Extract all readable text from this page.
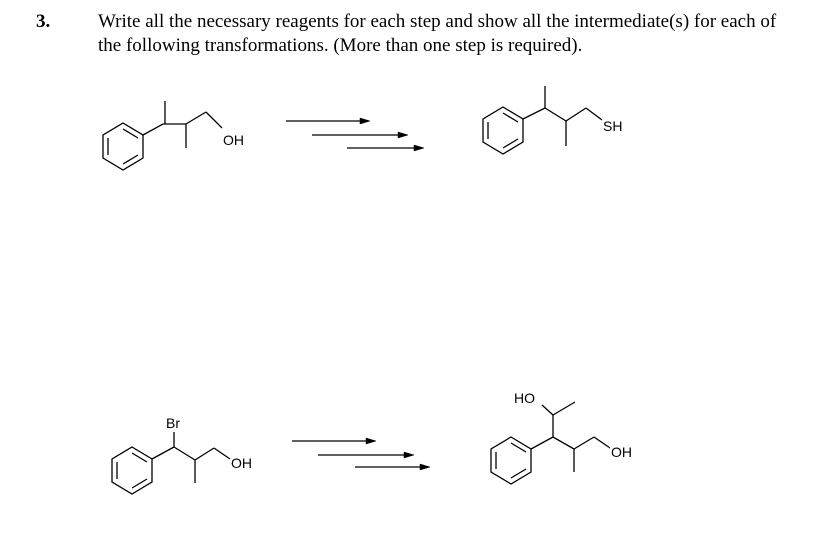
3.	Write all the necessary reagents for each step and show all the intermediate(s) for each of
the following transformations. (More than one step is required).
OH
SH
Br
OH
HO
OH
